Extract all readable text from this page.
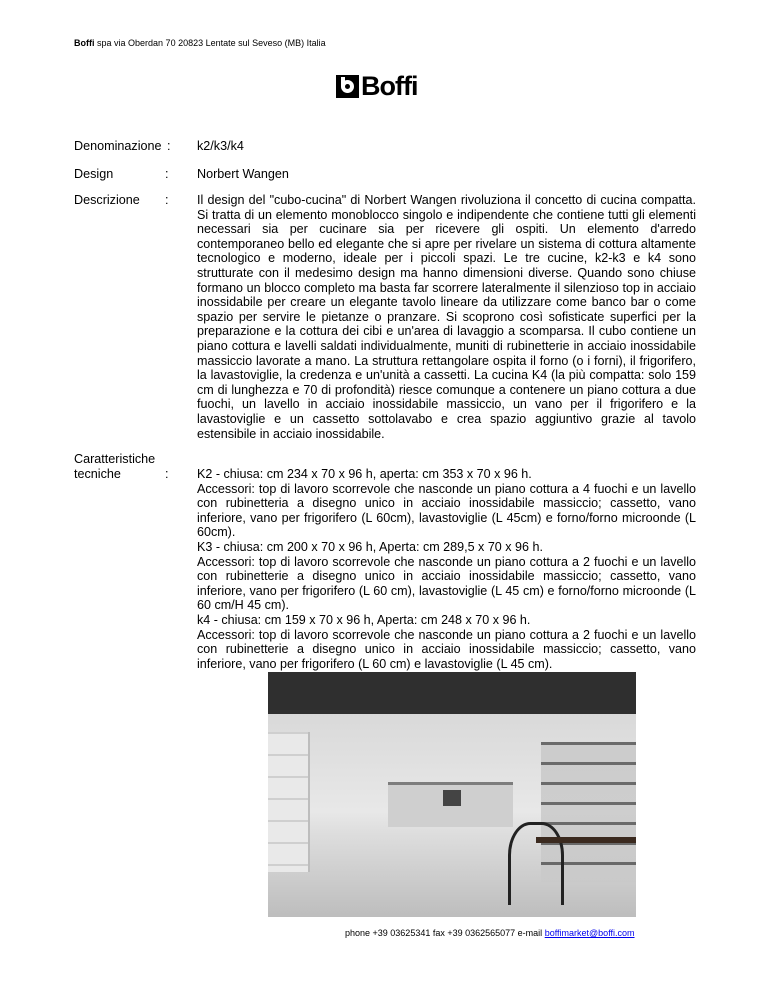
Boffi spa via Oberdan 70 20823 Lentate sul Seveso (MB) Italia
Boffi
Denominazione : k2/k3/k4
Design	: Norbert Wangen
Descrizione	: Il design del "cubo-cucina" di Norbert Wangen rivoluziona il concetto di cucina compatta. Si tratta di un elemento monoblocco singolo e indipendente che contiene tutti gli elementi necessari sia per cucinare sia per ricevere gli ospiti. Un elemento d'arredo contemporaneo bello ed elegante che si apre per rivelare un sistema di cottura altamente tecnologico e moderno, ideale per i piccoli spazi. Le tre cucine, k2-k3 e k4 sono strutturate con il medesimo design ma hanno dimensioni diverse. Quando sono chiuse formano un blocco completo ma basta far scorrere lateralmente il silenzioso top in acciaio inossidabile per creare un elegante tavolo lineare da utilizzare come banco bar o come spazio per servire le pietanze o pranzare. Si scoprono così sofisticate superfici per la preparazione e la cottura dei cibi e un'area di lavaggio a scomparsa. Il cubo contiene un piano cottura e lavelli saldati individualmente, muniti di rubinetterie in acciaio inossidabile massiccio lavorate a mano. La struttura rettangolare ospita il forno (o i forni), il frigorifero, la lavastoviglie, la credenza e un'unità a cassetti. La cucina K4 (la più compatta: solo 159 cm di lunghezza e 70 di profondità) riesce comunque a contenere un piano cottura a due fuochi, un lavello in acciaio inossidabile massiccio, un vano per il frigorifero e la lavastoviglie e un cassetto sottolavabo e crea spazio aggiuntivo grazie al tavolo estensibile in acciaio inossidabile.
Caratteristiche
tecniche	: K2 - chiusa: cm 234 x 70 x 96 h, aperta: cm 353 x 70 x 96 h.
Accessori: top di lavoro scorrevole che nasconde un piano cottura a 4 fuochi e un lavello con rubinetteria a disegno unico in acciaio inossidabile massiccio; cassetto, vano inferiore, vano per frigorifero (L 60cm), lavastoviglie (L 45cm) e forno/forno microonde (L 60cm).
K3 - chiusa: cm 200 x 70 x 96 h, Aperta: cm 289,5 x 70 x 96 h.
Accessori: top di lavoro scorrevole che nasconde un piano cottura a 2 fuochi e un lavello con rubinetterie a disegno unico in acciaio inossidabile massiccio; cassetto, vano inferiore, vano per frigorifero (L 60 cm), lavastoviglie (L 45 cm) e forno/forno microonde (L 60 cm/H 45 cm).
k4 - chiusa: cm 159 x 70 x 96 h, Aperta: cm 248 x 70 x 96 h.
Accessori: top di lavoro scorrevole che nasconde un piano cottura a 2 fuochi e un lavello con rubinetterie a disegno unico in acciaio inossidabile massiccio; cassetto, vano inferiore, vano per frigorifero (L 60 cm) e lavastoviglie (L 45 cm).
phone +39 03625341 fax +39 0362565077 e-mail boffimarket@boffi.com
